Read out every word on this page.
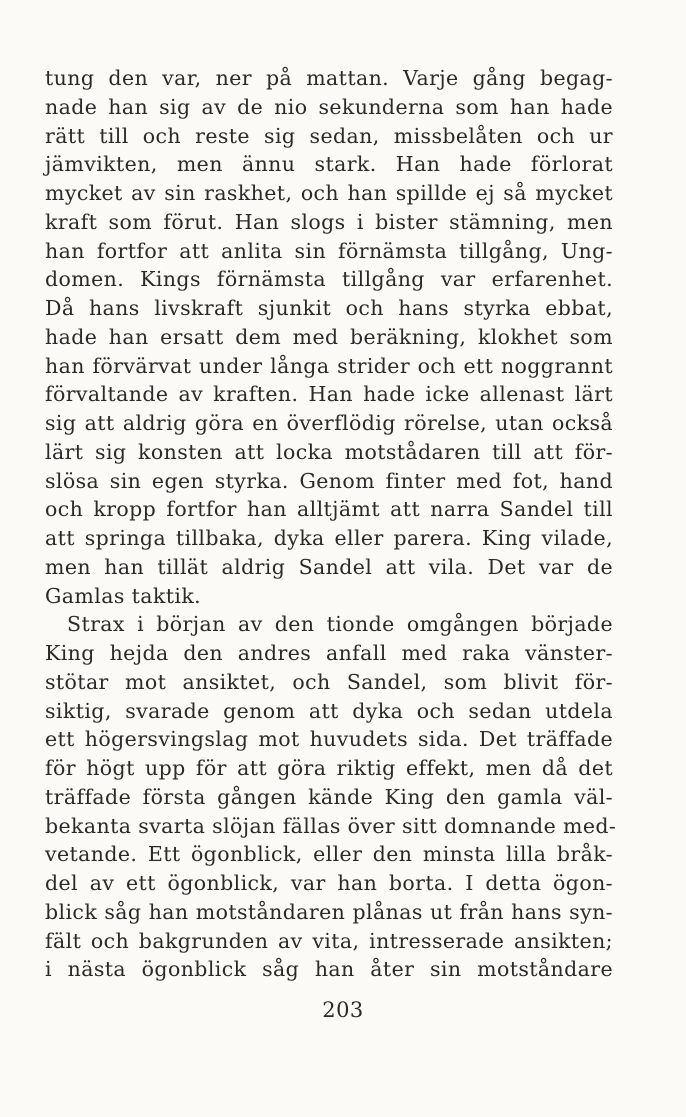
tung den var, ner på mattan. Varje gång begag-
nade han sig av de nio sekunderna som han hade
rätt till och reste sig sedan, missbelåten och ur
jämvikten, men ännu stark. Han hade förlorat
mycket av sin raskhet, och han spillde ej så mycket
kraft som förut. Han slogs i bister stämning, men
han fortfor att anlita sin förnämsta tillgång, Ung-
domen. Kings förnämsta tillgång var erfarenhet.
Då hans livskraft sjunkit och hans styrka ebbat,
hade han ersatt dem med beräkning, klokhet som
han förvärvat under långa strider och ett noggrannt
förvaltande av kraften. Han hade icke allenast lärt
sig att aldrig göra en överflödig rörelse, utan också
lärt sig konsten att locka motstådaren till att för-
slösa sin egen styrka. Genom finter med fot, hand
och kropp fortfor han alltjämt att narra Sandel till
att springa tillbaka, dyka eller parera. King vilade,
men han tillät aldrig Sandel att vila. Det var de
Gamlas taktik.
Strax i början av den tionde omgången började
King hejda den andres anfall med raka vänster-
stötar mot ansiktet, och Sandel, som blivit för-
siktig, svarade genom att dyka och sedan utdela
ett högersvingslag mot huvudets sida. Det träffade
för högt upp för att göra riktig effekt, men då det
träffade första gången kände King den gamla väl-
bekanta svarta slöjan fällas över sitt domnande med-
vetande. Ett ögonblick, eller den minsta lilla bråk-
del av ett ögonblick, var han borta. I detta ögon-
blick såg han motståndaren plånas ut från hans syn-
fält och bakgrunden av vita, intresserade ansikten;
i nästa ögonblick såg han åter sin motståndare
203
